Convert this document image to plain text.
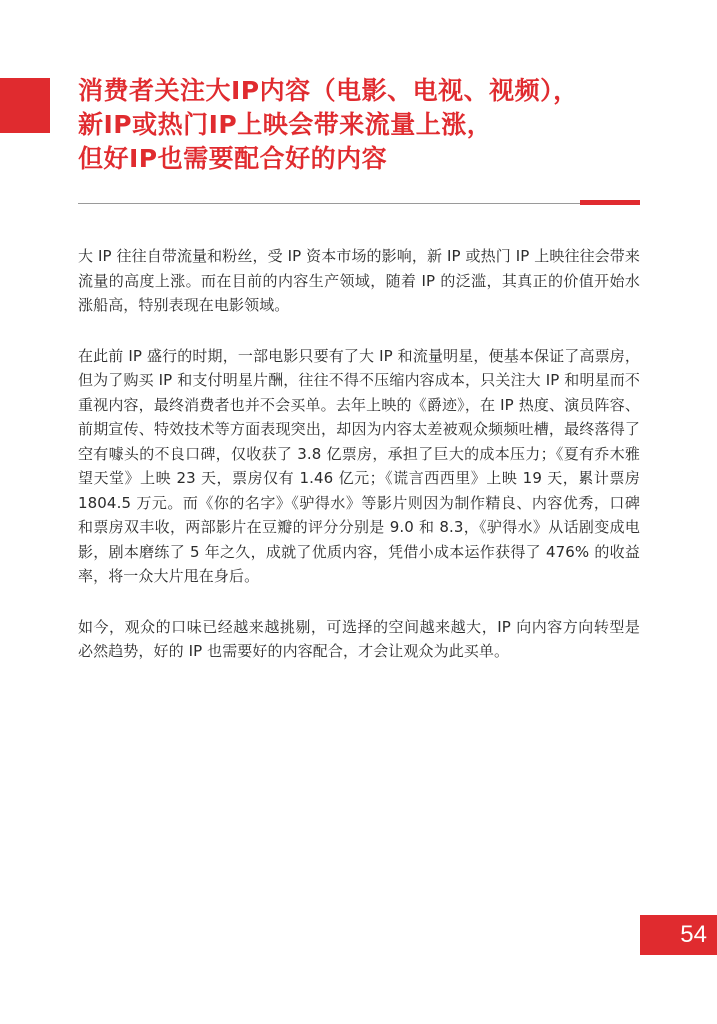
消费者关注大IP内容（电影、电视、视频），
新IP或热门IP上映会带来流量上涨，
但好IP也需要配合好的内容

大 IP 往往自带流量和粉丝，受 IP 资本市场的影响，新 IP 或热门 IP 上映往往会带来流量的高度上涨。而在目前的内容生产领域，随着 IP 的泛滥，其真正的价值开始水涨船高，特别表现在电影领域。

在此前 IP 盛行的时期，一部电影只要有了大 IP 和流量明星，便基本保证了高票房，但为了购买 IP 和支付明星片酬，往往不得不压缩内容成本，只关注大 IP 和明星而不重视内容，最终消费者也并不会买单。去年上映的《爵迹》，在 IP 热度、演员阵容、前期宣传、特效技术等方面表现突出，却因为内容太差被观众频频吐槽，最终落得了空有噱头的不良口碑，仅收获了 3.8 亿票房，承担了巨大的成本压力；《夏有乔木雅望天堂》上映 23 天，票房仅有 1.46 亿元；《谎言西西里》上映 19 天，累计票房 1804.5 万元。而《你的名字》《驴得水》等影片则因为制作精良、内容优秀，口碑和票房双丰收，两部影片在豆瓣的评分分别是 9.0 和 8.3，《驴得水》从话剧变成电影，剧本磨练了 5 年之久，成就了优质内容，凭借小成本运作获得了 476% 的收益率，将一众大片甩在身后。

如今，观众的口味已经越来越挑剔，可选择的空间越来越大，IP 向内容方向转型是必然趋势，好的 IP 也需要好的内容配合，才会让观众为此买单。

54
